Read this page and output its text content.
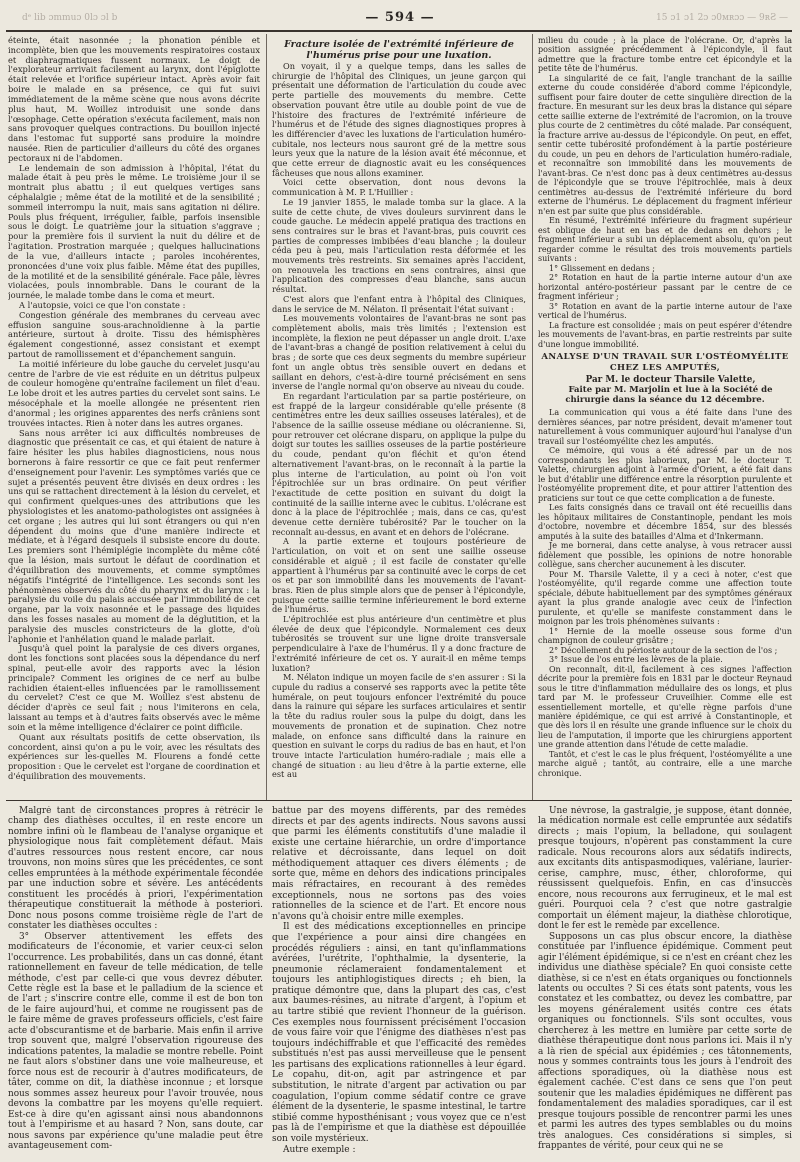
dᵉ lib ɔmmuɔ 0lɔ ɔl b	— 594 —	15 ɔ1 ɔ1 2ɔ ɔ0мʀɔɔ — 9ʀƧ —

éteinte, était nasonnée ; la phonation pénible et incomplète, bien que les mouvements respiratoires costaux et diaphragmatiques fussent normaux. Le doigt de l'explorateur arrivait facilement au larynx, dont l'épiglotte était relevée et l'orifice supérieur intact. Après avoir fait boire le malade en sa présence, ce qui fut suivi immédiatement de la même scène que nous avons décrite plus haut, M. Woillez introduisit une sonde dans l'œsophage. Cette opération s'exécuta facilement, mais non sans provoquer quelques contractions. Du bouillon injecté dans l'estomac fut supporté sans produire la moindre nausée. Rien de particulier d'ailleurs du côté des organes pectoraux ni de l'abdomen.

Le lendemain de son admission à l'hôpital, l'état du malade était à peu près le même. Le troisième jour il se montrait plus abattu ; il eut quelques vertiges sans céphalalgie ; même état de la motilité et de la sensibilité ; sommeil interrompu la nuit, mais sans agitation ni délire. Pouls plus fréquent, irrégulier, faible, parfois insensible sous le doigt. Le quatrième jour la situation s'aggrave ; pour la première fois il survient la nuit du délire et de l'agitation. Prostration marquée ; quelques hallucinations de la vue, d'ailleurs intacte ; paroles incohérentes, prononcées d'une voix plus faible. Même état des pupilles, de la motilité et de la sensibilité générale. Face pâle, lèvres violacées, pouls innombrable. Dans le courant de la journée, le malade tombe dans le coma et meurt.

A l'autopsie, voici ce que l'on constate :

Congestion générale des membranes du cerveau avec effusion sanguine sous-arachnoïdienne à la partie antérieure, surtout à droite. Tissu des hémisphères également congestionné, assez consistant et exempt partout de ramollissement et d'épanchement sanguin.

La moitié inférieure du lobe gauche du cervelet jusqu'au centre de l'arbre de vie est réduite en un détritus pulpeux de couleur homogène qu'entraîne facilement un filet d'eau. Le lobe droit et les autres parties du cervelet sont sains. Le mésocéphale et la moelle allongée ne présentent rien d'anormal ; les origines apparentes des nerfs crâniens sont trouvées intactes. Rien à noter dans les autres organes.

Sans nous arrêter ici aux difficultés nombreuses de diagnostic que présentait ce cas, et qui étaient de nature à faire hésiter les plus habiles diagnosticiens, nous nous bornerons à faire ressortir ce que ce fait peut renfermer d'enseignement pour l'avenir. Les symptômes variés que ce sujet a présentés peuvent être divisés en deux ordres : les uns qui se rattachent directement à la lésion du cervelet, et qui confirment quelques-unes des attributions que les physiologistes et les anatomo-pathologistes ont assignées à cet organe ; les autres qui lui sont étrangers ou qui n'en dépendent du moins que d'une manière indirecte et médiate, et à l'égard desquels il subsiste encore du doute. Les premiers sont l'hémiplégie incomplète du même côté que la lésion, mais surtout le défaut de coordination et d'équilibration des mouvements, et comme symptômes négatifs l'intégrité de l'intelligence. Les seconds sont les phénomènes observés du côté du pharynx et du larynx : la paralysie du voile du palais accusée par l'immobilité de cet organe, par la voix nasonnée et le passage des liquides dans les fosses nasales au moment de la déglutition, et la paralysie des muscles constricteurs de la glotte, d'où l'aphonie et l'anhélation quand le malade parlait.

Jusqu'à quel point la paralysie de ces divers organes, dont les fonctions sont placées sous la dépendance du nerf spinal, peut-elle avoir des rapports avec la lésion principale? Comment les origines de ce nerf au bulbe rachidien étaient-elles influencées par le ramollissement du cervelet? C'est ce que M. Woillez s'est abstenu de décider d'après ce seul fait ; nous l'imiterons en cela, laissant au temps et à d'autres faits observés avec le même soin et la même intelligence d'éclairer ce point difficile.

Quant aux résultats positifs de cette observation, ils concordent, ainsi qu'on a pu le voir, avec les résultats des expériences sur les-quelles M. Flourens a fondé cette proposition : Que le cervelet est l'organe de coordination et d'équilibration des mouvements.

Fracture isolée de l'extrémité inférieure de l'humérus prise pour une luxation.

On voyait, il y a quelque temps, dans les salles de chirurgie de l'hôpital des Cliniques, un jeune garçon qui présentait une déformation de l'articulation du coude avec perte partielle des mouvements du membre. Cette observation pouvant être utile au double point de vue de l'histoire des fractures de l'extrémité inférieure de l'humérus et de l'étude des signes diagnostiques propres à les différencier d'avec les luxations de l'articulation huméro-cubitale, nos lecteurs nous sauront gré de la mettre sous leurs yeux que la nature de la lésion avait été méconnue, et que cette erreur de diagnostic avait eu les conséquences fâcheuses que nous allons examiner.

Voici cette observation, dont nous devons la communication à M. P. L'Huillier :

Le 19 janvier 1855, le malade tomba sur la glace. A la suite de cette chute, de vives douleurs survinrent dans le coude gauche. Le médecin appelé pratiqua des tractions en sens contraires sur le bras et l'avant-bras, puis couvrit ces parties de compresses imbibées d'eau blanche ; la douleur céda peu à peu, mais l'articulation resta déformée et les mouvements très restreints. Six semaines après l'accident, on renouvela les tractions en sens contraires, ainsi que l'application des compresses d'eau blanche, sans aucun résultat.

C'est alors que l'enfant entra à l'hôpital des Cliniques, dans le service de M. Nélaton. Il présentait l'état suivant :

Les mouvements volontaires de l'avant-bras ne sont pas complètement abolis, mais très limités ; l'extension est incomplète, la flexion ne peut dépasser un angle droit. L'axe de l'avant-bras a changé de position relativement à celui du bras ; de sorte que ces deux segments du membre supérieur font un angle obtus très sensible ouvert en dedans et saillant en dehors, c'est-à-dire tourné précisément en sens inverse de l'angle normal qu'on observe au niveau du coude.

En regardant l'articulation par sa partie postérieure, on est frappé de la largeur considérable qu'elle présente (8 centimètres entre les deux saillies osseuses latérales), et de l'absence de la saillie osseuse médiane ou olécranienne. Si, pour retrouver cet olécrane disparu, on applique la pulpe du doigt sur toutes les saillies osseuses de la partie postérieure du coude, pendant qu'on fléchit et qu'on étend alternativement l'avant-bras, on le reconnaît à la partie la plus interne de l'articulation, au point où l'on voit l'épitrochlée sur un bras ordinaire. On peut vérifier l'exactitude de cette position en suivant du doigt la continuité de la saillie interne avec le cubitus. L'olécrane est donc à la place de l'épitrochlée ; mais, dans ce cas, qu'est devenue cette dernière tubérosité? Par le toucher on la reconnaît au-dessus, en avant et en dehors de l'olécrane.

A la partie externe et toujours postérieure de l'articulation, on voit et on sent une saillie osseuse considérable et aiguë ; il est facile de constater qu'elle appartient à l'humérus par sa continuité avec le corps de cet os et par son immobilité dans les mouvements de l'avant-bras. Rien de plus simple alors que de penser à l'épicondyle, puisque cette saillie termine inférieurement le bord externe de l'humérus.

L'épitrochlée est plus antérieure d'un centimètre et plus élevée de deux que l'épicondyle. Normalement ces deux tubérosités se trouvent sur une ligne droite transversale perpendiculaire à l'axe de l'humérus. Il y a donc fracture de l'extrémité inférieure de cet os. Y aurait-il en même temps luxation?

M. Nélaton indique un moyen facile de s'en assurer : Si la cupule du radius a conservé ses rapports avec la petite tête humérale, on peut toujours enfoncer l'extrémité du pouce dans la rainure qui sépare les surfaces articulaires et sentir la tête du radius rouler sous la pulpe du doigt, dans les mouvements de pronation et de supination. Chez notre malade, on enfonce sans difficulté dans la rainure en question en suivant le corps du radius de bas en haut, et l'on trouve intacte l'articulation huméro-radiale ; mais elle a changé de situation : au lieu d'être à la partie externe, elle est au

milieu du coude ; à la place de l'olécrane. Or, d'après la position assignée précédemment à l'épicondyle, il faut admettre que la fracture tombe entre cet épicondyle et la petite tête de l'humérus.

La singularité de ce fait, l'angle tranchant de la saillie externe du coude considérée d'abord comme l'épicondyle, suffisent pour faire douter de cette singulière direction de la fracture. En mesurant sur les deux bras la distance qui sépare cette saillie externe de l'extrémité de l'acromion, on la trouve plus courte de 2 centimètres du côté malade. Par conséquent, la fracture arrive au-dessus de l'épicondyle. On peut, en effet, sentir cette tubérosité profondément à la partie postérieure du coude, un peu en dehors de l'articulation huméro-radiale, et reconnaître son immobilité dans les mouvements de l'avant-bras. Ce n'est donc pas à deux centimètres au-dessus de l'épicondyle que se trouve l'épitrochlée, mais à deux centimètres au-dessus de l'extrémité inférieure du bord externe de l'humérus. Le déplacement du fragment inférieur n'en est par suite que plus considérable.

En résumé, l'extrémité inférieure du fragment supérieur est oblique de haut en bas et de dedans en dehors ; le fragment inférieur a subi un déplacement absolu, qu'on peut regarder comme le résultat des trois mouvements partiels suivants :

1° Glissement en dedans ;

2° Rotation en haut de la partie interne autour d'un axe horizontal antéro-postérieur passant par le centre de ce fragment inférieur ;

3° Rotation en avant de la partie interne autour de l'axe vertical de l'humérus.

La fracture est consolidée ; mais on peut espérer d'étendre les mouvements de l'avant-bras, en partie restreints par suite d'une longue immobilité.

ANALYSE D'UN TRAVAIL SUR L'OSTÉOMYÉLITE CHEZ LES AMPUTÉS,

Par M. le docteur Tharsile Valette,

Faite par M. Marjolin et lue à la Société de chirurgie dans la séance du 12 décembre.

La communication qui vous a été faite dans l'une des dernières séances, par notre président, devait m'amener tout naturellement à vous communiquer aujourd'hui l'analyse d'un travail sur l'ostéomyélite chez les amputés.

Ce mémoire, qui vous a été adressé par un de nos correspondants les plus laborieux, par M. le docteur T. Valette, chirurgien adjoint à l'armée d'Orient, a été fait dans le but d'établir une différence entre la résorption purulente et l'ostéomyélite proprement dite, et pour attirer l'attention des praticiens sur tout ce que cette complication a de funeste.

Les faits consignés dans ce travail ont été recueillis dans les hôpitaux militaires de Constantinople, pendant les mois d'octobre, novembre et décembre 1854, sur des blessés amputés à la suite des batailles d'Alma et d'Inkermann.

Je me bornerai, dans cette analyse, à vous retracer aussi fidèlement que possible, les opinions de notre honorable collègue, sans chercher aucunement à les discuter.

Pour M. Tharsile Valette, il y a ceci à noter, c'est que l'ostéomyélite, qu'il regarde comme une affection toute spéciale, débute habituellement par des symptômes généraux ayant la plus grande analogie avec ceux de l'infection purulente, et qu'elle se manifeste constamment dans le moignon par les trois phénomènes suivants :

1° Hernie de la moelle osseuse sous forme d'un champignon de couleur grisâtre ;

2° Décollement du périoste autour de la section de l'os ;

3° Issue de l'os entre les lèvres de la plaie.

On reconnaît, dit-il, facilement à ces signes l'affection décrite pour la première fois en 1831 par le docteur Reynaud sous le titre d'inflammation médullaire des os longs, et plus tard par M. le professeur Cruveilhier. Comme elle est essentiellement mortelle, et qu'elle règne parfois d'une manière épidémique, ce qui est arrivé à Constantinople, et que dès lors il en résulte une grande influence sur le choix du lieu de l'amputation, il importe que les chirurgiens apportent une grande attention dans l'étude de cette maladie.

Tantôt, et c'est le cas le plus fréquent, l'ostéomyélite a une marche aiguë ; tantôt, au contraire, elle a une marche chronique.

Malgré tant de circonstances propres à rétrécir le champ des diathèses occultes, il en reste encore un nombre infini où le flambeau de l'analyse organique et physiologique nous fait complètement défaut. Mais d'autres ressources nous restent encore, car nous trouvons, non moins sûres que les précédentes, ce sont celles empruntées à la méthode expérimentale fécondée par une induction sobre et sévère. Les antécédents constituent les procédés à priori, l'expérimentation thérapeutique constituerait la méthode à posteriori. Donc nous posons comme troisième règle de l'art de constater les diathèses occultes :

3° Observer attentivement les effets des modificateurs de l'économie, et varier ceux-ci selon l'occurrence. Les probabilités, dans un cas donné, étant rationnellement en faveur de telle médication, de telle méthode, c'est par celle-ci que vous devrez débuter. Cette règle est la base et le palladium de la science et de l'art ; s'inscrire contre elle, comme il est de bon ton de le faire aujourd'hui, et comme ne rougissent pas de le faire même de graves professeurs officiels, c'est faire acte d'obscurantisme et de barbarie. Mais enfin il arrive trop souvent que, malgré l'observation rigoureuse des indications patentes, la maladie se montre rebelle. Point ne faut alors s'obstiner dans une voie malheureuse, et force nous est de recourir à d'autres modificateurs, de tâter, comme on dit, la diathèse inconnue ; et lorsque nous sommes assez heureux pour l'avoir trouvée, nous devons la combattre par les moyens qu'elle requiert. Est-ce à dire qu'en agissant ainsi nous abandonnons tout à l'empirisme et au hasard ? Non, sans doute, car nous savons par expérience qu'une maladie peut être avantageusement com-

battue par des moyens différents, par des remèdes directs et par des agents indirects. Nous savons aussi que parmi les éléments constitutifs d'une maladie il existe une certaine hiérarchie, un ordre d'importance relative et décroissante, dans lequel on doit méthodiquement attaquer ces divers éléments ; de sorte que, même en dehors des indications principales mais réfractaires, en recourant à des remèdes exceptionnels, nous ne sortons pas des voies rationnelles de la science et de l'art. Et encore nous n'avons qu'à choisir entre mille exemples.

Il est des médications exceptionnelles en principe que l'expérience a pour ainsi dire changées en procédés réguliers : ainsi, en tant qu'inflammations avérées, l'urétrite, l'ophthalmie, la dysenterie, la pneumonie réclameraient fondamentalement et toujours les antiphlogistiques directs ; eh bien, la pratique démontre que, dans la plupart des cas, c'est aux baumes-résines, au nitrate d'argent, à l'opium et au tartre stibié que revient l'honneur de la guérison. Ces exemples nous fournissent précisément l'occasion de vous faire voir que l'énigme des diathèses n'est pas toujours indéchiffrable et que l'efficacité des remèdes substitués n'est pas aussi merveilleuse que le pensent les partisans des explications rationnelles à leur égard. Le copahu, dit-on, agit par astringence et par substitution, le nitrate d'argent par activation ou par coagulation, l'opium comme sédatif contre ce grave élément de la dysenterie, le spasme intestinal, le tartre stibié comme hyposthénisant ; vous voyez que ce n'est pas là de l'empirisme et que la diathèse est dépouillée son voile mystérieux.

Autre exemple :

Une névrose, la gastralgie, je suppose, étant donnée, la médication normale est celle empruntée aux sédatifs directs ; mais l'opium, la belladone, qui soulagent presque toujours, n'opèrent pas constamment la cure radicale. Nous recourons alors aux sédatifs indirects, aux excitants dits antispasmodiques, valériane, laurier-cerise, camphre, musc, éther, chloroforme, qui réussissent quelquefois. Enfin, en cas d'insuccès encore, nous recourons aux ferrugineux, et le mal est guéri. Pourquoi cela ? c'est que notre gastralgie comportait un élément majeur, la diathèse chlorotique, dont le fer est le remède par excellence.

Supposons un cas plus obscur encore, la diathèse constituée par l'influence épidémique. Comment peut agir l'élément épidémique, si ce n'est en créant chez les individus une diathèse spéciale? En quoi consiste cette diathèse, si ce n'est en états organiques ou fonctionnels latents ou occultes ? Si ces états sont patents, vous les constatez et les combattez, ou devez les combattre, par les moyens généralement usités contre ces états organiques ou fonctionnels. S'ils sont occultes, vous chercherez à les mettre en lumière par cette sorte de diathèse thérapeutique dont nous parlons ici. Mais il n'y a là rien de spécial aux épidémies ; ces tâtonnements, nous y sommes contraints tous les jours à l'endroit des affections sporadiques, où la diathèse nous est également cachée. C'est dans ce sens que l'on peut soutenir que les maladies épidémiques ne diffèrent pas fondamentalement des maladies sporadiques, car il est presque toujours possible de rencontrer parmi les unes et parmi les autres des types semblables ou du moins très analogues. Ces considérations si simples, si frappantes de vérité, pour ceux qui ne se
